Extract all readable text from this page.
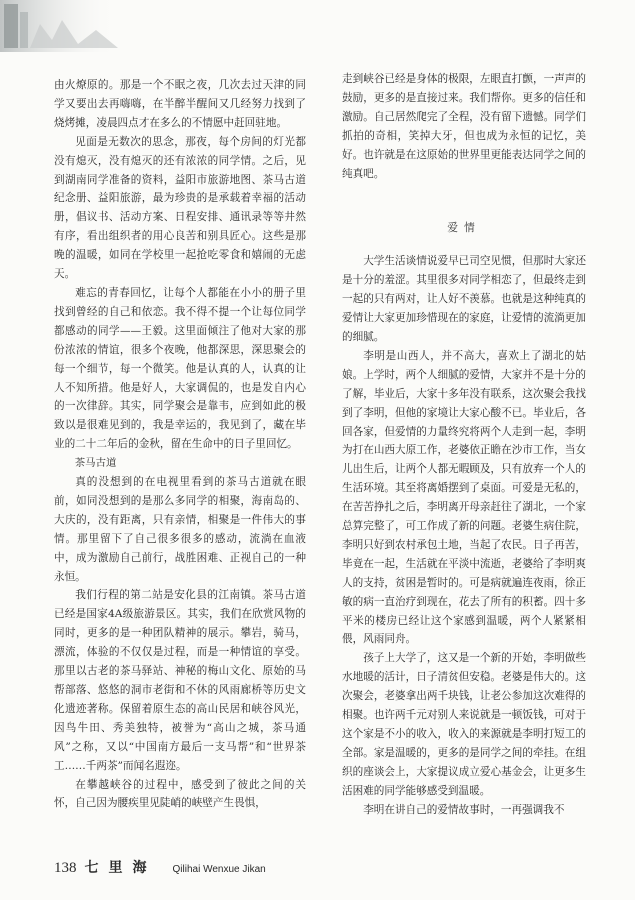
由火燎原的。那是一个不眠之夜，几次去过天津的同学又要出去再嗨嗨，在半醉半醒间又几经努力找到了烧烤摊，凌晨四点才在多么的不情愿中赶回驻地。

见面是无数次的思念，那夜，每个房间的灯光都没有熄灭，没有熄灭的还有浓浓的同学情。之后，见到湖南同学准备的资料，益阳市旅游地图、茶马古道纪念册、益阳旅游，最为珍贵的是承载着幸福的活动册，倡议书、活动方案、日程安排、通讯录等等井然有序，看出组织者的用心良苦和别具匠心。这些是那晚的温暖，如同在学校里一起抢吃零食和嬉闹的无虑天。

难忘的青春回忆，让每个人都能在小小的册子里找到曾经的自己和依恋。我不得不提一个让每位同学都感动的同学——王毅。这里面倾注了他对大家的那份浓浓的情谊，很多个夜晚，他都深思，深思聚会的每一个细节，每一个微笑。他是认真的人，认真的让人不知所措。他是好人，大家调侃的，也是发自内心的一次律辞。其实，同学聚会是靠韦，应到如此的极致以是很难见到的，我是幸运的，我见到了，藏在毕业的二十二年后的金秋，留在生命中的日子里回忆。

茶马古道

真的没想到的在电视里看到的茶马古道就在眼前，如同没想到的是那么多同学的相聚，海南岛的、大庆的，没有距离，只有亲情，相聚是一件伟大的事情。那里留下了自己很多很多的感动，流淌在血液中，成为激励自己前行，战胜困难、正视自己的一种永恒。

我们行程的第二站是安化县的江南镇。茶马古道已经是国家4A级旅游景区。其实，我们在欣赏风物的同时，更多的是一种团队精神的展示。攀岩，骑马，漂流，体验的不仅仅是过程，而是一种情谊的享受。那里以古老的茶马驿站、神秘的梅山文化、原始的马帮部落、悠悠的洞市老街和不休的风雨廊桥等历史文化遗迹著称。保留着原生态的高山民居和峡谷风光，因鸟牛田、秀美独特，被誉为“高山之城，茶马通风”之称，又以“中国南方最后一支马帮”和“世界茶工……千两茶”而闻名遐迩。

在攀越峡谷的过程中，感受到了彼此之间的关怀，自己因为腰疾里见陡峭的峡壁产生畏惧，

走到峡谷已经是身体的极限，左眼直打颤，一声声的鼓励，更多的是直接过来。我们帮你。更多的信任和激励。自己居然爬完了全程，没有留下遗憾。同学们抓拍的奇相，笑掉大牙，但也成为永恒的记忆，美好。也许就是在这原始的世界里更能表达同学之间的纯真吧。

爱情

大学生活谈情说爱早已司空见惯，但那时大家还是十分的羞涩。其里很多对同学相恋了，但最终走到一起的只有两对，让人好不羡慕。也就是这种纯真的爱情让大家更加珍惜现在的家庭，让爱情的流淌更加的细腻。

李明是山西人，并不高大，喜欢上了湖北的姑娘。上学时，两个人细腻的爱情，大家并不是十分的了解，毕业后，大家十多年没有联系，这次聚会我找到了李明，但他的家境让大家心酸不已。毕业后，各回各家，但爱情的力量终究将两个人走到一起，李明为打在山西大原工作，老婆依正瞻在沙市工作，当女儿出生后，让两个人都无暇顾及，只有放弃一个人的生活环境。其至将离婚摆到了桌面。可爱是无私的，在苦苦挣扎之后，李明离开母亲赶往了湖北，一个家总算完整了，可工作成了新的问题。老婆生病住院，李明只好到农村承包土地，当起了农民。日子再苦，毕竟在一起，生活就在平淡中流逝，老婆给了李明爽人的支持，贫困是暂时的。可是病就遍连夜雨，徐正敏的病一直治疗到现在，花去了所有的积蓄。四十多平米的楼房已经让这个家感到温暖，两个人紧紧相偎，风雨同舟。

孩子上大学了，这又是一个新的开始，李明做些水地暖的活计，日子清贫但安稳。老婆是伟大的。这次聚会，老婆拿出两千块钱，让老公参加这次难得的相聚。也许两千元对别人来说就是一顿饭钱，可对于这个家是不小的收入，收入的来源就是李明打短工的全部。家是温暖的，更多的是同学之间的牵挂。在组织的座谈会上，大家提议成立爱心基金会，让更多生活困难的同学能够感受到温暖。

李明在讲自己的爱情故事时，一再强调我不

138 七里海 Qilihai Wenxue Jikan
